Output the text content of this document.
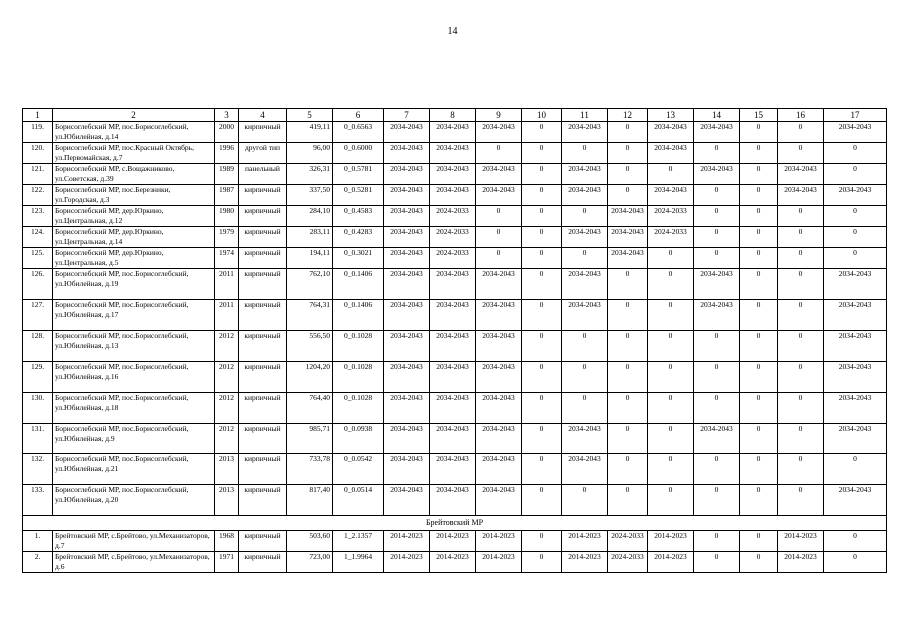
14
1	2	3	4	5	6	7	8	9	10	11	12	13	14	15	16	17
119.	Борисоглебский МР, пос.Борисоглебский, ул.Юбилейная, д.14	2000	кирпичный	419,11	0_0.6563	2034-2043	2034-2043	2034-2043	0	2034-2043	0	2034-2043	2034-2043	0	0	2034-2043
120.	Борисоглебский МР, пос.Красный Октябрь, ул.Первомайская, д.7	1996	другой тип	96,00	0_0.6000	2034-2043	2034-2043	0	0	0	0	2034-2043	0	0	0	0
121.	Борисоглебский МР, с.Вощажниково, ул.Советская, д.39	1989	панельный	326,31	0_0.5781	2034-2043	2034-2043	2034-2043	0	2034-2043	0	0	2034-2043	0	2034-2043	0
122.	Борисоглебский МР, пос.Березники, ул.Городская, д.3	1987	кирпичный	337,50	0_0.5281	2034-2043	2034-2043	2034-2043	0	2034-2043	0	2034-2043	0	0	2034-2043	2034-2043
123.	Борисоглебский МР, дер.Юркино, ул.Центральная, д.12	1980	кирпичный	284,10	0_0.4583	2034-2043	2024-2033	0	0	0	2034-2043	2024-2033	0	0	0	0
124.	Борисоглебский МР, дер.Юркино, ул.Центральная, д.14	1979	кирпичный	283,11	0_0.4283	2034-2043	2024-2033	0	0	2034-2043	2034-2043	2024-2033	0	0	0	0
125.	Борисоглебский МР, дер.Юркино, ул.Центральная, д.5	1974	кирпичный	194,11	0_0.3021	2034-2043	2024-2033	0	0	0	2034-2043	0	0	0	0	0
126.	Борисоглебский МР, пос.Борисоглебский, ул.Юбилейная, д.19	2011	кирпичный	762,10	0_0.1406	2034-2043	2034-2043	2034-2043	0	2034-2043	0	0	2034-2043	0	0	2034-2043
127.	Борисоглебский МР, пос.Борисоглебский, ул.Юбилейная, д.17	2011	кирпичный	764,31	0_0.1406	2034-2043	2034-2043	2034-2043	0	2034-2043	0	0	2034-2043	0	0	2034-2043
128.	Борисоглебский МР, пос.Борисоглебский, ул.Юбилейная, д.13	2012	кирпичный	556,50	0_0.1028	2034-2043	2034-2043	2034-2043	0	0	0	0	0	0	0	2034-2043
129.	Борисоглебский МР, пос.Борисоглебский, ул.Юбилейная, д.16	2012	кирпичный	1204,20	0_0.1028	2034-2043	2034-2043	2034-2043	0	0	0	0	0	0	0	2034-2043
130.	Борисоглебский МР, пос.Борисоглебский, ул.Юбилейная, д.18	2012	кирпичный	764,40	0_0.1028	2034-2043	2034-2043	2034-2043	0	0	0	0	0	0	0	2034-2043
131.	Борисоглебский МР, пос.Борисоглебский, ул.Юбилейная, д.9	2012	кирпичный	985,71	0_0.0938	2034-2043	2034-2043	2034-2043	0	2034-2043	0	0	2034-2043	0	0	2034-2043
132.	Борисоглебский МР, пос.Борисоглебский, ул.Юбилейная, д.21	2013	кирпичный	733,78	0_0.0542	2034-2043	2034-2043	2034-2043	0	2034-2043	0	0	0	0	0	0
133.	Борисоглебский МР, пос.Борисоглебский, ул.Юбилейная, д.20	2013	кирпичный	817,40	0_0.0514	2034-2043	2034-2043	2034-2043	0	0	0	0	0	0	0	2034-2043
Брейтовский МР																
1.	Брейтовский МР, с.Брейтово, ул.Механизаторов, д.7	1968	кирпичный	503,60	1_2.1357	2014-2023	2014-2023	2014-2023	0	2014-2023	2024-2033	2014-2023	0	0	2014-2023	0
2.	Брейтовский МР, с.Брейтово, ул.Механизаторов, д.6	1971	кирпичный	723,00	1_1.9964	2014-2023	2014-2023	2014-2023	0	2014-2023	2024-2033	2014-2023	0	0	2014-2023	0
